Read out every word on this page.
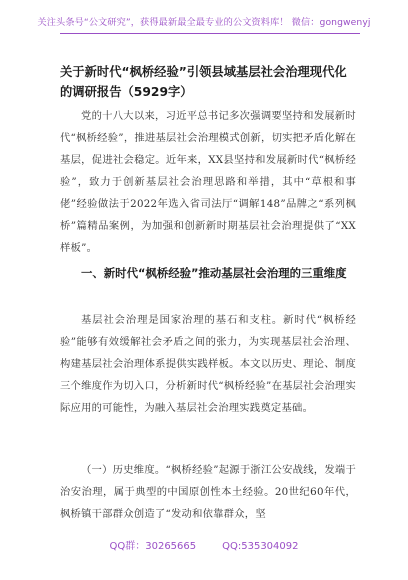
关注头条号“公文研究”，获得最新最全最专业的公文资料库！ 微信：gongwenyj
关于新时代“枫桥经验”引领县域基层社会治理现代化的调研报告（5929字）

党的十八大以来，习近平总书记多次强调要坚持和发展新时代“枫桥经验”，推进基层社会治理模式创新，切实把矛盾化解在基层，促进社会稳定。近年来，XX县坚持和发展新时代“枫桥经验”，致力于创新基层社会治理思路和举措，其中“草根和事佬”经验做法于2022年选入省司法厅“调解148”品牌之“系列枫桥”篇精品案例，为加强和创新新时期基层社会治理提供了“XX样板”。

一、新时代“枫桥经验”推动基层社会治理的三重维度

基层社会治理是国家治理的基石和支柱。新时代“枫桥经验”能够有效缓解社会矛盾之间的张力，为实现基层社会治理、构建基层社会治理体系提供实践样板。本文以历史、理论、制度三个维度作为切入口，分析新时代“枫桥经验”在基层社会治理实际应用的可能性，为融入基层社会治理实践奠定基础。

（一）历史维度。“枫桥经验”起源于浙江公安战线，发端于治安治理，属于典型的中国原创性本土经验。20世纪60年代，枫桥镇干部群众创造了“发动和依靠群众，坚

QQ群：30265665	QQ:535304092
